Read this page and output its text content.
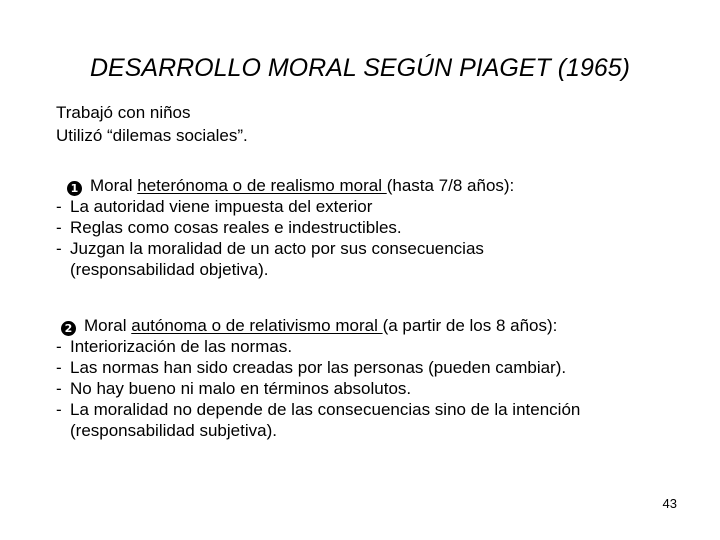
DESARROLLO MORAL SEGÚN PIAGET (1965)
Trabajó con niños
Utilizó “dilemas sociales”.
1 Moral heterónoma o de realismo moral (hasta 7/8 años):
- La autoridad viene impuesta del exterior
- Reglas como cosas reales e indestructibles.
- Juzgan la moralidad de un acto por sus consecuencias
(responsabilidad objetiva).
2 Moral autónoma o de relativismo moral (a partir de los 8 años):
- Interiorización de las normas.
- Las normas han sido creadas por las personas (pueden cambiar).
- No hay bueno ni malo en términos absolutos.
- La moralidad no depende de las consecuencias sino de la intención
(responsabilidad subjetiva).
43
